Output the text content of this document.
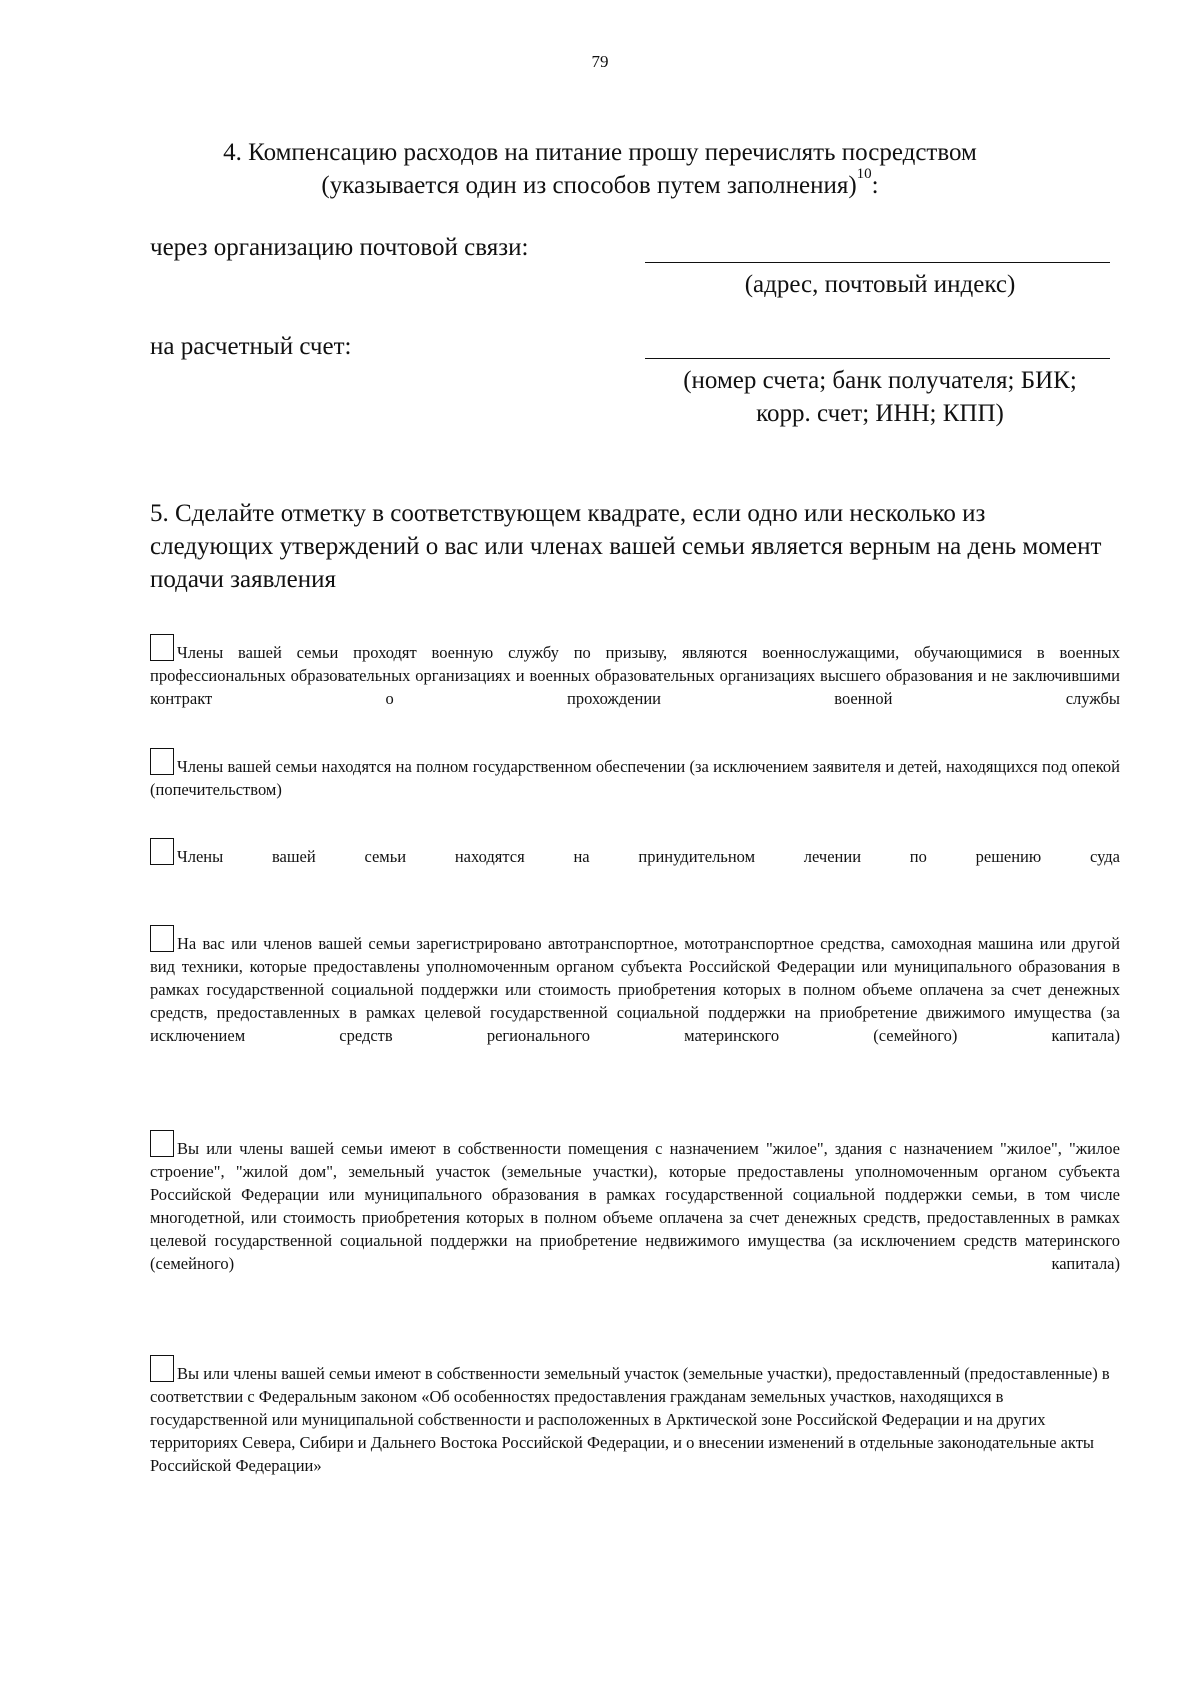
79
4. Компенсацию расходов на питание прошу перечислять посредством
(указывается один из способов путем заполнения)$^{10}$:
через организацию почтовой связи:
(адрес, почтовый индекс)
на расчетный счет:
(номер счета; банк получателя; БИК;
корр. счет; ИНН; КПП)
5. Сделайте отметку в соответствующем квадрате, если одно или несколько из следующих утверждений о вас или членах вашей семьи является верным на день момент подачи заявления
Члены вашей семьи проходят военную службу по призыву, являются военнослужащими, обучающимися в военных профессиональных образовательных организациях и военных образовательных организациях высшего образования и не заключившими контракт о прохождении военной службы
Члены вашей семьи находятся на полном государственном обеспечении (за исключением заявителя и детей, находящихся под опекой (попечительством)
Члены вашей семьи находятся на принудительном лечении по решению суда
На вас или членов вашей семьи зарегистрировано автотранспортное, мототранспортное средства, самоходная машина или другой вид техники, которые предоставлены уполномоченным органом субъекта Российской Федерации или муниципального образования в рамках государственной социальной поддержки или стоимость приобретения которых в полном объеме оплачена за счет денежных средств, предоставленных в рамках целевой государственной социальной поддержки на приобретение движимого имущества (за исключением средств регионального материнского (семейного) капитала)
Вы или члены вашей семьи имеют в собственности помещения с назначением "жилое", здания с назначением "жилое", "жилое строение", "жилой дом", земельный участок (земельные участки), которые предоставлены уполномоченным органом субъекта Российской Федерации или муниципального образования в рамках государственной социальной поддержки семьи, в том числе многодетной, или стоимость приобретения которых в полном объеме оплачена за счет денежных средств, предоставленных в рамках целевой государственной социальной поддержки на приобретение недвижимого имущества (за исключением средств материнского (семейного) капитала)
Вы или члены вашей семьи имеют в собственности земельный участок (земельные участки), предоставленный (предоставленные) в соответствии с Федеральным законом «Об особенностях предоставления гражданам земельных участков, находящихся в государственной или муниципальной собственности и расположенных в Арктической зоне Российской Федерации и на других территориях Севера, Сибири и Дальнего Востока Российской Федерации, и о внесении изменений в отдельные законодательные акты Российской Федерации»
